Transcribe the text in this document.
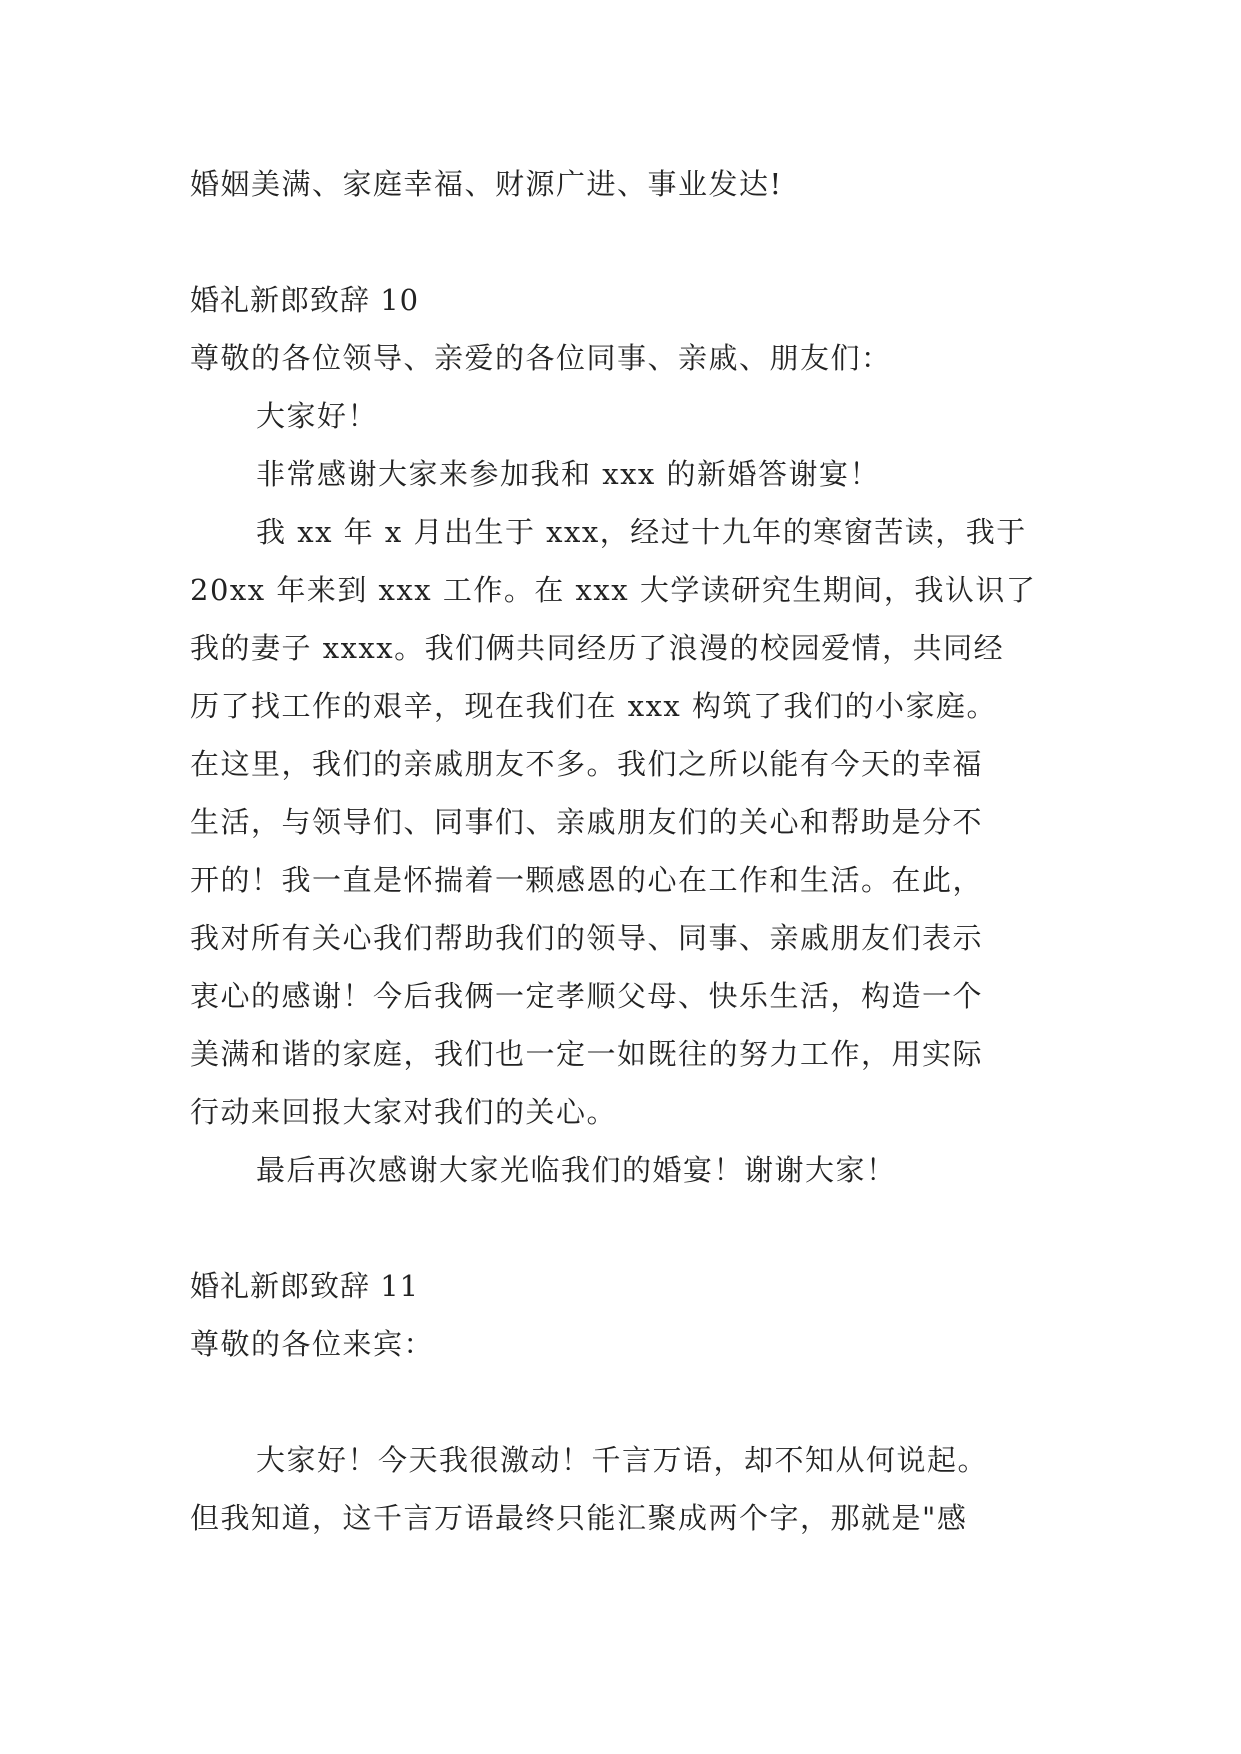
婚姻美满、家庭幸福、财源广进、事业发达!

婚礼新郎致辞 10

尊敬的各位领导、亲爱的各位同事、亲戚、朋友们：

大家好！

非常感谢大家来参加我和 xxx 的新婚答谢宴！

我 xx 年 x 月出生于 xxx，经过十九年的寒窗苦读，我于

20xx 年来到 xxx 工作。在 xxx 大学读研究生期间，我认识了

我的妻子 xxxx。我们俩共同经历了浪漫的校园爱情，共同经

历了找工作的艰辛，现在我们在 xxx 构筑了我们的小家庭。

在这里，我们的亲戚朋友不多。我们之所以能有今天的幸福

生活，与领导们、同事们、亲戚朋友们的关心和帮助是分不

开的！我一直是怀揣着一颗感恩的心在工作和生活。在此，

我对所有关心我们帮助我们的领导、同事、亲戚朋友们表示

衷心的感谢！今后我俩一定孝顺父母、快乐生活，构造一个

美满和谐的家庭，我们也一定一如既往的努力工作，用实际

行动来回报大家对我们的关心。

最后再次感谢大家光临我们的婚宴！谢谢大家！

婚礼新郎致辞 11

尊敬的各位来宾：

大家好！今天我很激动！千言万语，却不知从何说起。

但我知道，这千言万语最终只能汇聚成两个字，那就是"感
